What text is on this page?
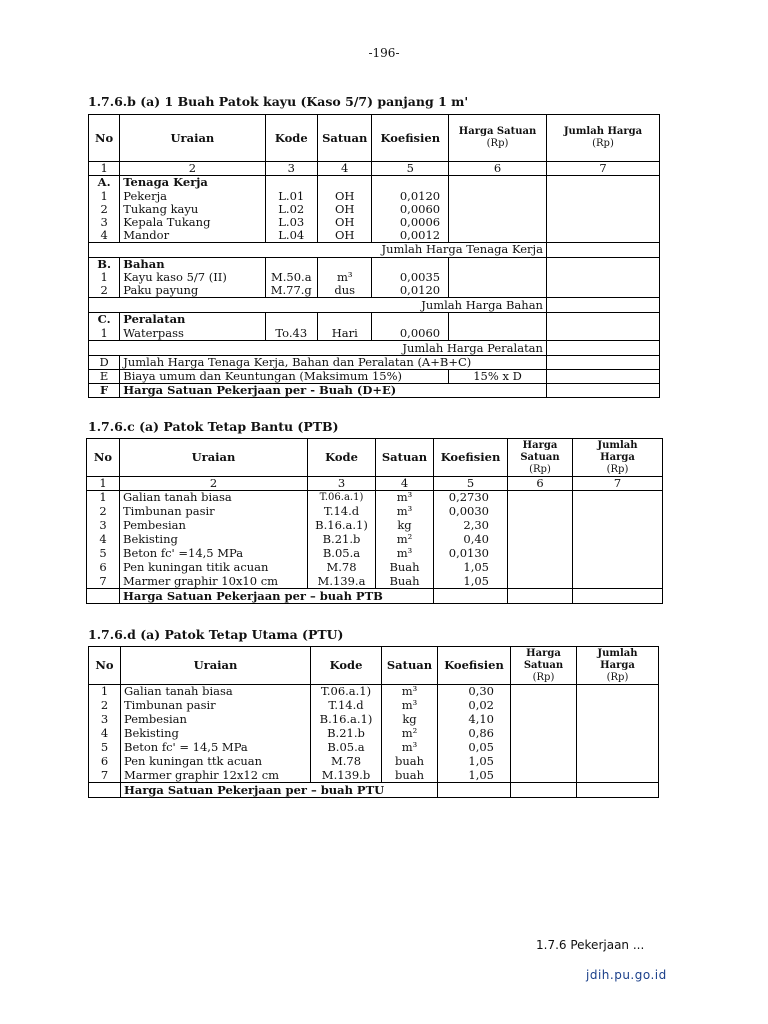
-196-
1.7.6.b (a) 1 Buah Patok kayu (Kaso 5/7) panjang 1 m'
No	Uraian	Kode	Satuan	Koefisien	Harga Satuan
(Rp)	Jumlah Harga
(Rp)
1	2	3	4	5	6	7
A.	Tenaga Kerja					
1	Pekerja	L.01	OH	0,0120		
2	Tukang kayu	L.02	OH	0,0060		
3	Kepala Tukang	L.03	OH	0,0006		
4	Mandor	L.04	OH	0,0012		
Jumlah Harga Tenaga Kerja						
B.	Bahan					
1	Kayu kaso 5/7 (II)	M.50.a	m³	0,0035		
2	Paku payung	M.77.g	dus	0,0120		
Jumlah Harga Bahan						
C.	Peralatan					
1	Waterpass	To.43	Hari	0,0060		
Jumlah Harga Peralatan						
D	Jumlah Harga Tenaga Kerja, Bahan dan Peralatan (A+B+C)					
E	Biaya umum dan Keuntungan (Maksimum 15%)				15% x D	
F	Harga Satuan Pekerjaan per - Buah (D+E)					
1.7.6.c (a) Patok Tetap Bantu (PTB)
No	Uraian	Kode	Satuan	Koefisien	Harga
Satuan
(Rp)	Jumlah
Harga
(Rp)
1	2	3	4	5	6	7
1	Galian tanah biasa	T.06.a.1)	m³	0,2730		
2	Timbunan pasir	T.14.d	m³	0,0030		
3	Pembesian	B.16.a.1)	kg	2,30		
4	Bekisting	B.21.b	m²	0,40		
5	Beton fc' =14,5 MPa	B.05.a	m³	0,0130		
6	Pen kuningan titik acuan	M.78	Buah	1,05		
7	Marmer graphir 10x10 cm	M.139.a	Buah	1,05		
	Harga Satuan Pekerjaan per – buah PTB					
1.7.6.d (a) Patok Tetap Utama (PTU)
No	Uraian	Kode	Satuan	Koefisien	Harga
Satuan
(Rp)	Jumlah
Harga
(Rp)
1	Galian tanah biasa	T.06.a.1)	m³	0,30		
2	Timbunan pasir	T.14.d	m³	0,02		
3	Pembesian	B.16.a.1)	kg	4,10		
4	Bekisting	B.21.b	m²	0,86		
5	Beton fc' = 14,5 MPa	B.05.a	m³	0,05		
6	Pen kuningan ttk acuan	M.78	buah	1,05		
7	Marmer graphir 12x12 cm	M.139.b	buah	1,05		
	Harga Satuan Pekerjaan per – buah PTU					
1.7.6 Pekerjaan ...
jdih.pu.go.id
